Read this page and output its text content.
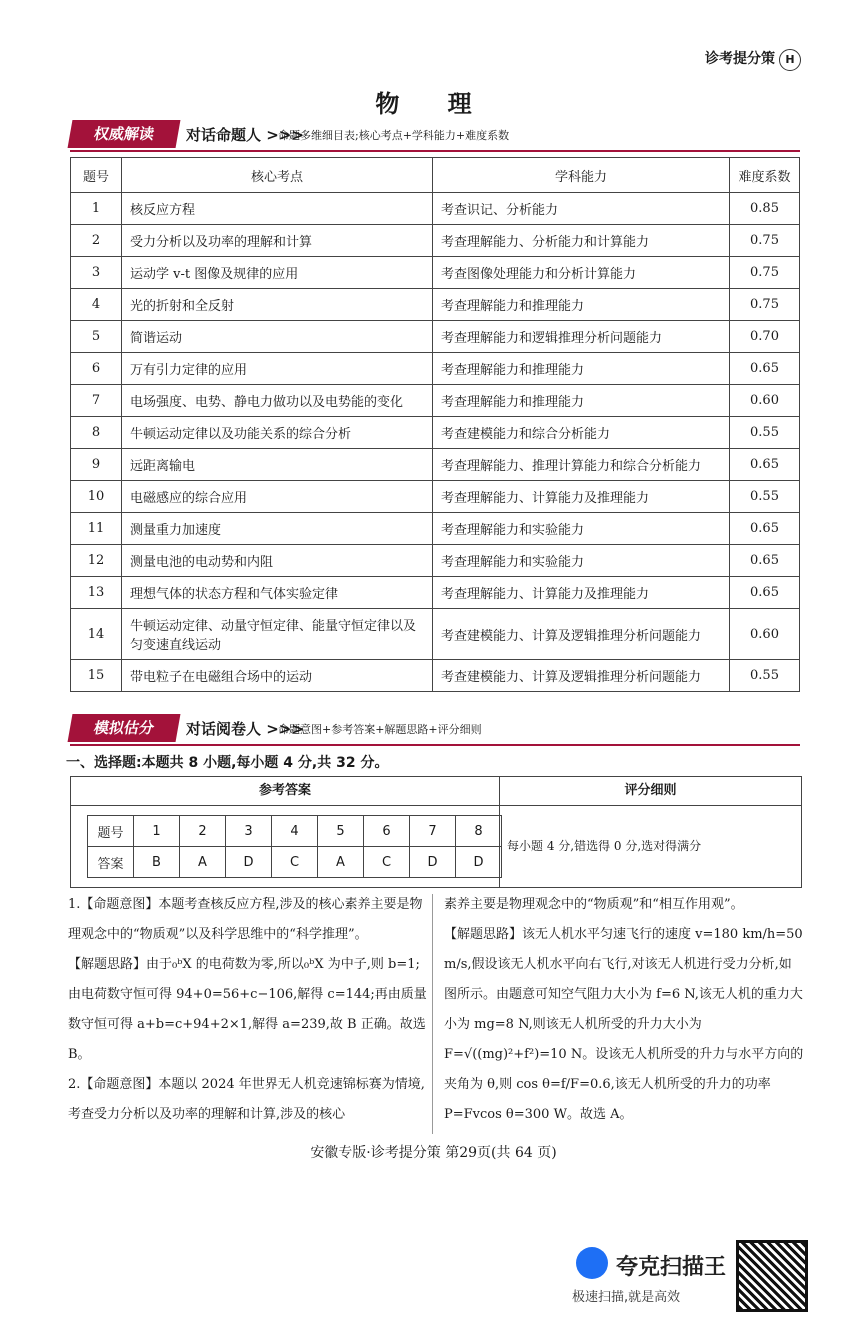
诊考提分策 H
物 理
权威解读	对话命题人 >>>
命题多维细目表;核心考点+学科能力+难度系数
题号	核心考点	学科能力	难度系数
1	核反应方程	考查识记、分析能力	0.85
2	受力分析以及功率的理解和计算	考查理解能力、分析能力和计算能力	0.75
3	运动学 v-t 图像及规律的应用	考查图像处理能力和分析计算能力	0.75
4	光的折射和全反射	考查理解能力和推理能力	0.75
5	简谐运动	考查理解能力和逻辑推理分析问题能力	0.70
6	万有引力定律的应用	考查理解能力和推理能力	0.65
7	电场强度、电势、静电力做功以及电势能的变化	考查理解能力和推理能力	0.60
8	牛顿运动定律以及功能关系的综合分析	考查建模能力和综合分析能力	0.55
9	远距离输电	考查理解能力、推理计算能力和综合分析能力	0.65
10	电磁感应的综合应用	考查理解能力、计算能力及推理能力	0.55
11	测量重力加速度	考查理解能力和实验能力	0.65
12	测量电池的电动势和内阻	考查理解能力和实验能力	0.65
13	理想气体的状态方程和气体实验定律	考查理解能力、计算能力及推理能力	0.65
14	牛顿运动定律、动量守恒定律、能量守恒定律以及匀变速直线运动	考查建模能力、计算及逻辑推理分析问题能力	0.60
15	带电粒子在电磁组合场中的运动	考查建模能力、计算及逻辑推理分析问题能力	0.55
模拟估分	对话阅卷人 >>>
命题意图+参考答案+解题思路+评分细则
一、选择题:本题共 8 小题,每小题 4 分,共 32 分。
参考答案	评分细则
题号	1	2	3	4	5	6	7	8
答案	B	A	D	C	A	C	D	D
每小题 4 分,错选得 0 分,选对得满分

1.【命题意图】本题考查核反应方程,涉及的核心素养主要是物理观念中的“物质观”以及科学思维中的“科学推理”。

【解题思路】由于₀ᵇX 的电荷数为零,所以₀ᵇX 为中子,则 b=1;由电荷数守恒可得 94+0=56+c−106,解得 c=144;再由质量数守恒可得 a+b=c+94+2×1,解得 a=239,故 B 正确。故选 B。

2.【命题意图】本题以 2024 年世界无人机竞速锦标赛为情境,考查受力分析以及功率的理解和计算,涉及的核心

素养主要是物理观念中的“物质观”和“相互作用观”。

【解题思路】该无人机水平匀速飞行的速度 v=180 km/h=50 m/s,假设该无人机水平向右飞行,对该无人机进行受力分析,如图所示。由题意可知空气阻力大小为 f=6 N,该无人机的重力大小为 mg=8 N,则该无人机所受的升力大小为 F=√((mg)²+f²)=10 N。设该无人机所受的升力与水平方向的夹角为 θ,则 cos θ=f/F=0.6,该无人机所受的升力的功率 P=Fvcos θ=300 W。故选 A。

安徽专版·诊考提分策 第29页(共 64 页)
夸克扫描王
极速扫描,就是高效
